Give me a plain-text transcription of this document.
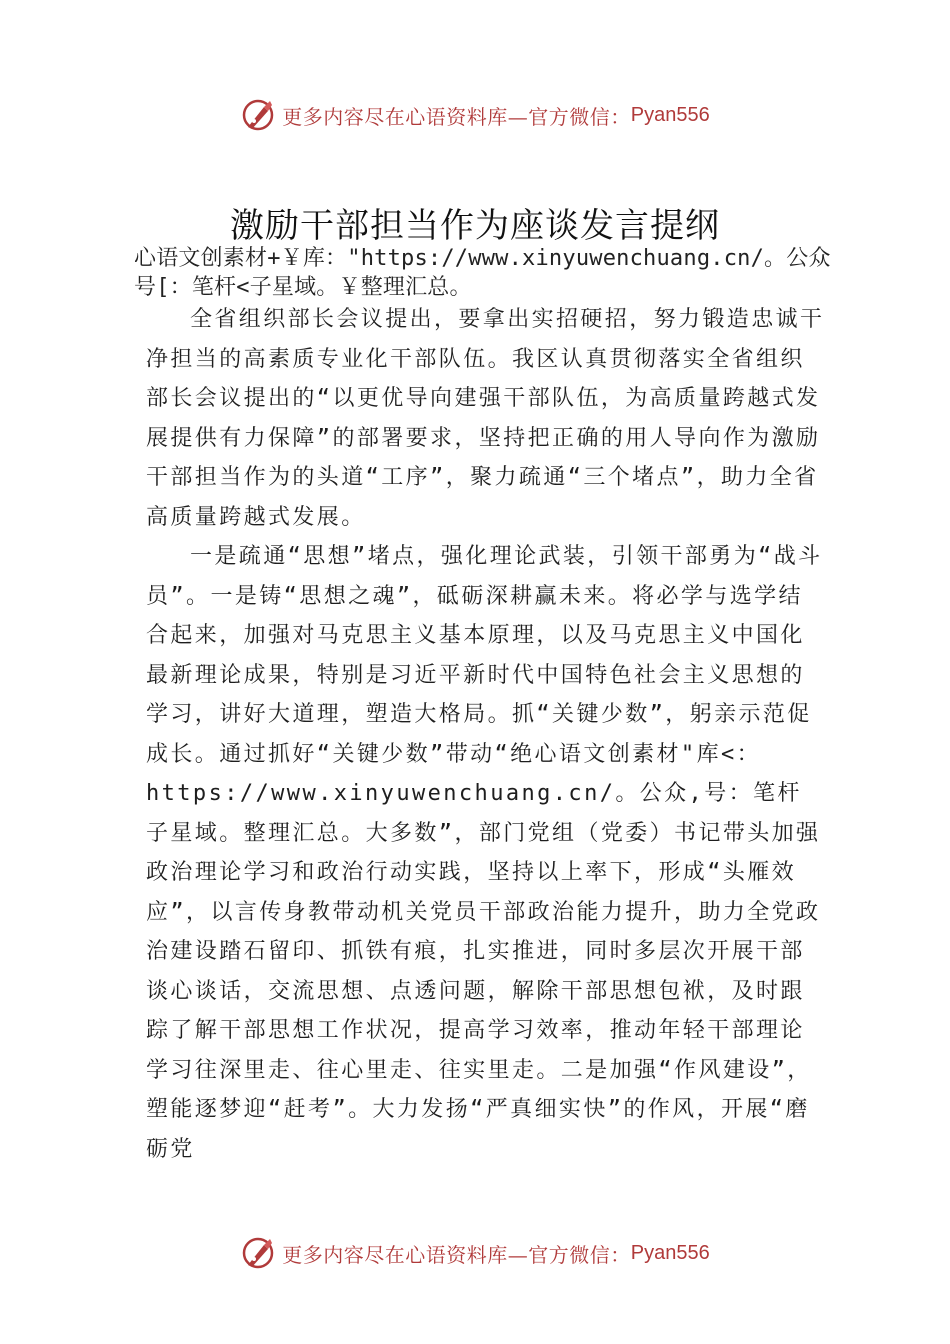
更多内容尽在心语资料库—官方微信： Pyan556
激励干部担当作为座谈发言提纲

心语文创素材+￥库："https://www.xinyuwenchuang.cn/。公众号[：笔杆<子星域。￥整理汇总。

全省组织部长会议提出，要拿出实招硬招，努力锻造忠诚干净担当的高素质专业化干部队伍。我区认真贯彻落实全省组织部长会议提出的“以更优导向建强干部队伍，为高质量跨越式发展提供有力保障”的部署要求，坚持把正确的用人导向作为激励干部担当作为的头道“工序”，聚力疏通“三个堵点”，助力全省高质量跨越式发展。

一是疏通“思想”堵点，强化理论武装，引领干部勇为“战斗员”。一是铸“思想之魂”，砥砺深耕赢未来。将必学与选学结合起来，加强对马克思主义基本原理，以及马克思主义中国化最新理论成果，特别是习近平新时代中国特色社会主义思想的学习，讲好大道理，塑造大格局。抓“关键少数”，躬亲示范促成长。通过抓好“关键少数”带动“绝心语文创素材"库<：https://www.xinyuwenchuang.cn/。公众,号：笔杆子星域。整理汇总。大多数”，部门党组（党委）书记带头加强政治理论学习和政治行动实践，坚持以上率下，形成“头雁效应”，以言传身教带动机关党员干部政治能力提升，助力全党政治建设踏石留印、抓铁有痕，扎实推进，同时多层次开展干部谈心谈话，交流思想、点透问题，解除干部思想包袱，及时跟踪了解干部思想工作状况，提高学习效率，推动年轻干部理论学习往深里走、往心里走、往实里走。二是加强“作风建设”，塑能逐梦迎“赶考”。大力发扬“严真细实快”的作风，开展“磨砺党

更多内容尽在心语资料库—官方微信： Pyan556
